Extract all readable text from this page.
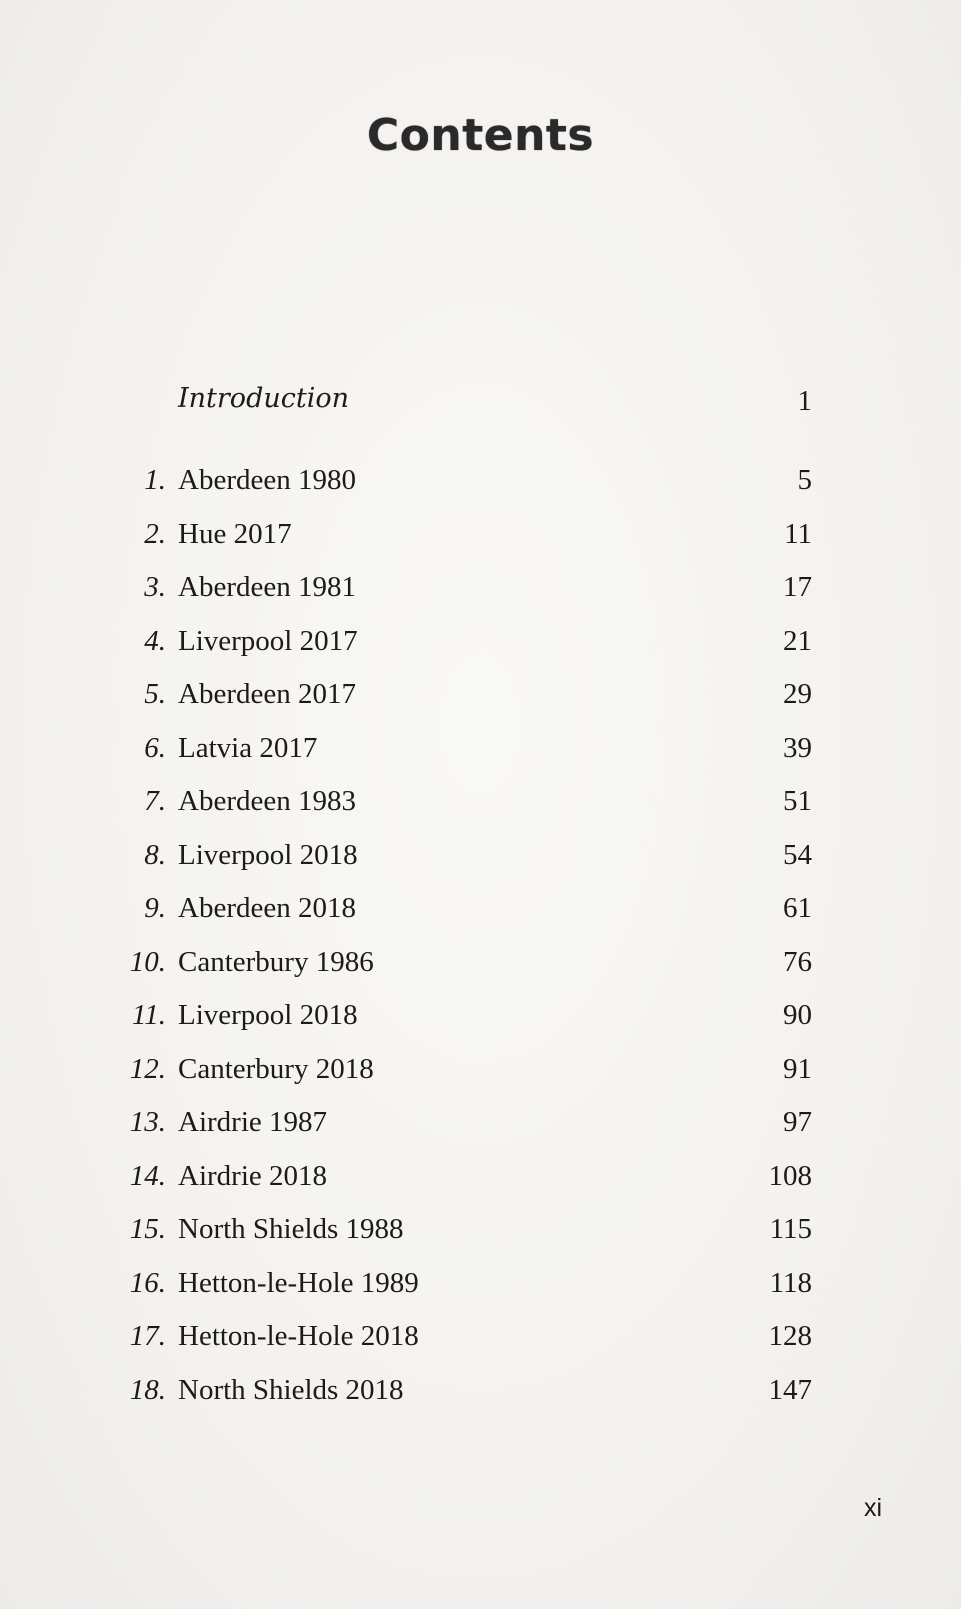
Contents
Introduction	1
1. Aberdeen 1980	5
2. Hue 2017	11
3. Aberdeen 1981	17
4. Liverpool 2017	21
5. Aberdeen 2017	29
6. Latvia 2017	39
7. Aberdeen 1983	51
8. Liverpool 2018	54
9. Aberdeen 2018	61
10. Canterbury 1986	76
11. Liverpool 2018	90
12. Canterbury 2018	91
13. Airdrie 1987	97
14. Airdrie 2018	108
15. North Shields 1988	115
16. Hetton-le-Hole 1989	118
17. Hetton-le-Hole 2018	128
18. North Shields 2018	147
xi
